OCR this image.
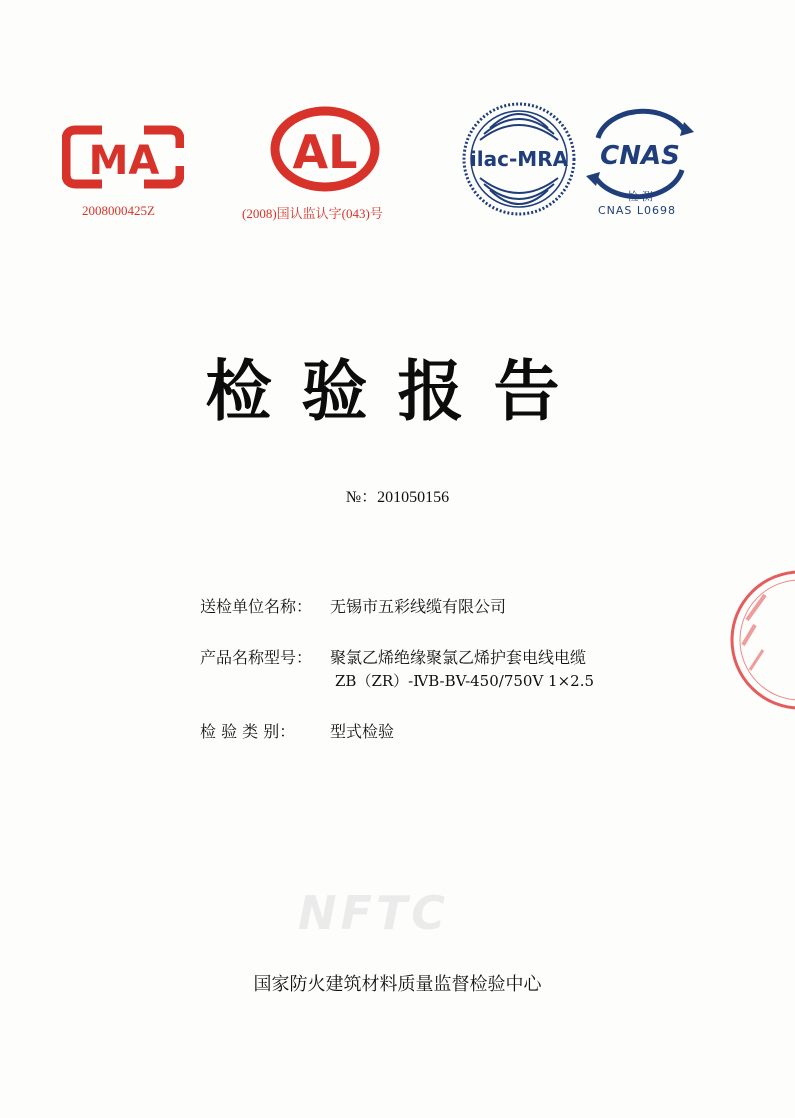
MA
2008000425Z
AL
(2008)国认监认字(043)号
ilac-MRA CNAS
检 测
CNAS L0698
检验报告
№：201050156
送检单位名称： 无锡市五彩线缆有限公司
产品名称型号： 聚氯乙烯绝缘聚氯乙烯护套电线电缆
ZB（ZR）-ⅣB-BV-450/750V 1×2.5
检 验 类 别： 型式检验
NFTC
国家防火建筑材料质量监督检验中心
